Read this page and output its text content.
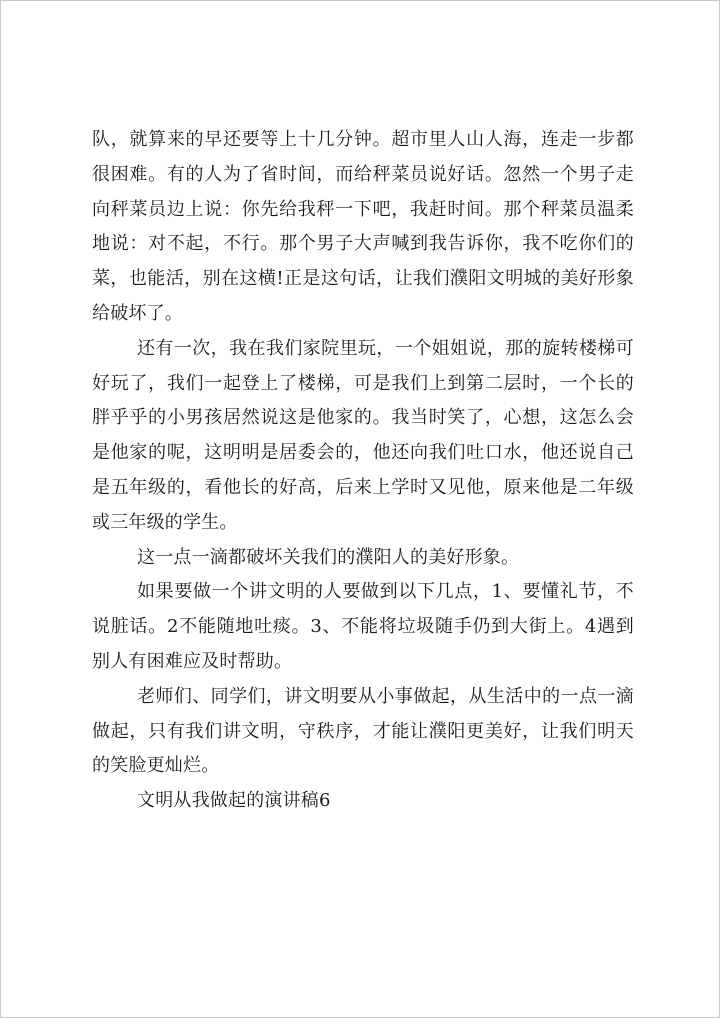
队，就算来的早还要等上十几分钟。超市里人山人海，连走一步都很困难。有的人为了省时间，而给秤菜员说好话。忽然一个男子走向秤菜员边上说：你先给我秤一下吧，我赶时间。那个秤菜员温柔地说：对不起，不行。那个男子大声喊到我告诉你，我不吃你们的菜，也能活，别在这横!正是这句话，让我们濮阳文明城的美好形象给破坏了。

还有一次，我在我们家院里玩，一个姐姐说，那的旋转楼梯可好玩了，我们一起登上了楼梯，可是我们上到第二层时，一个长的胖乎乎的小男孩居然说这是他家的。我当时笑了，心想，这怎么会是他家的呢，这明明是居委会的，他还向我们吐口水，他还说自己是五年级的，看他长的好高，后来上学时又见他，原来他是二年级或三年级的学生。

这一点一滴都破坏关我们的濮阳人的美好形象。

如果要做一个讲文明的人要做到以下几点，1、要懂礼节，不说脏话。2不能随地吐痰。3、不能将垃圾随手仍到大街上。4遇到别人有困难应及时帮助。

老师们、同学们，讲文明要从小事做起，从生活中的一点一滴做起，只有我们讲文明，守秩序，才能让濮阳更美好，让我们明天的笑脸更灿烂。

文明从我做起的演讲稿6
